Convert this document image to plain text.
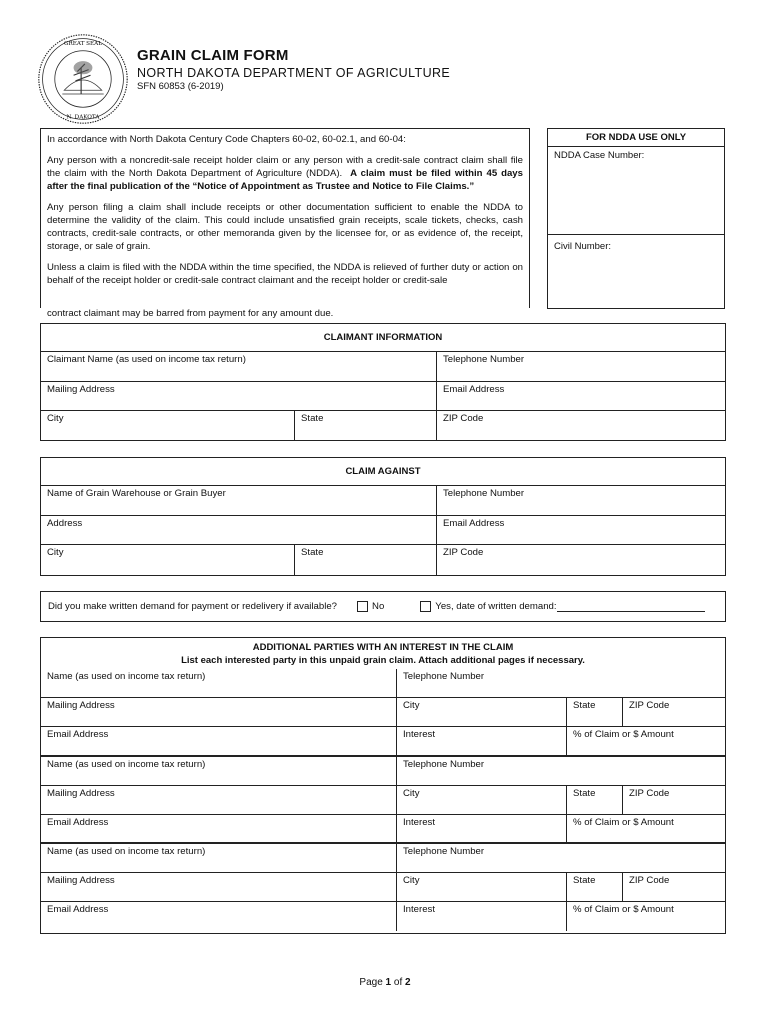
GREAT SEAL
N. DAKOTA
GRAIN CLAIM FORM
NORTH DAKOTA DEPARTMENT OF AGRICULTURE
SFN 60853 (6-2019)

In accordance with North Dakota Century Code Chapters 60-02, 60-02.1, and 60-04:

Any person with a noncredit-sale receipt holder claim or any person with a credit-sale contract claim shall file the claim with the North Dakota Department of Agriculture (NDDA). A claim must be filed within 45 days after the final publication of the “Notice of Appointment as Trustee and Notice to File Claims.”

Any person filing a claim shall include receipts or other documentation sufficient to enable the NDDA to determine the validity of the claim. This could include unsatisfied grain receipts, scale tickets, checks, cash contracts, credit-sale contracts, or other memoranda given by the licensee for, or as evidence of, the receipt, storage, or sale of grain.

Unless a claim is filed with the NDDA within the time specified, the NDDA is relieved of further duty or action on behalf of the receipt holder or credit-sale contract claimant and the receipt holder or credit-sale

contract claimant may be barred from payment for any amount due.
FOR NDDA USE ONLY
NDDA Case Number:
Civil Number:
CLAIMANT INFORMATION
Claimant Name (as used on income tax return)	Telephone Number
Mailing Address	Email Address
City	State	ZIP Code
CLAIM AGAINST
Name of Grain Warehouse or Grain Buyer	Telephone Number
Address	Email Address
City	State	ZIP Code
Did you make written demand for payment or redelivery if available?	No	Yes, date of written demand:
ADDITIONAL PARTIES WITH AN INTEREST IN THE CLAIM
List each interested party in this unpaid grain claim. Attach additional pages if necessary.
Name (as used on income tax return)	Telephone Number
Mailing Address	City	State	ZIP Code
Email Address	Interest	% of Claim or $ Amount
Name (as used on income tax return)	Telephone Number
Mailing Address	City	State	ZIP Code
Email Address	Interest	% of Claim or $ Amount
Name (as used on income tax return)	Telephone Number
Mailing Address	City	State	ZIP Code
Email Address	Interest	% of Claim or $ Amount
Page 1 of 2
